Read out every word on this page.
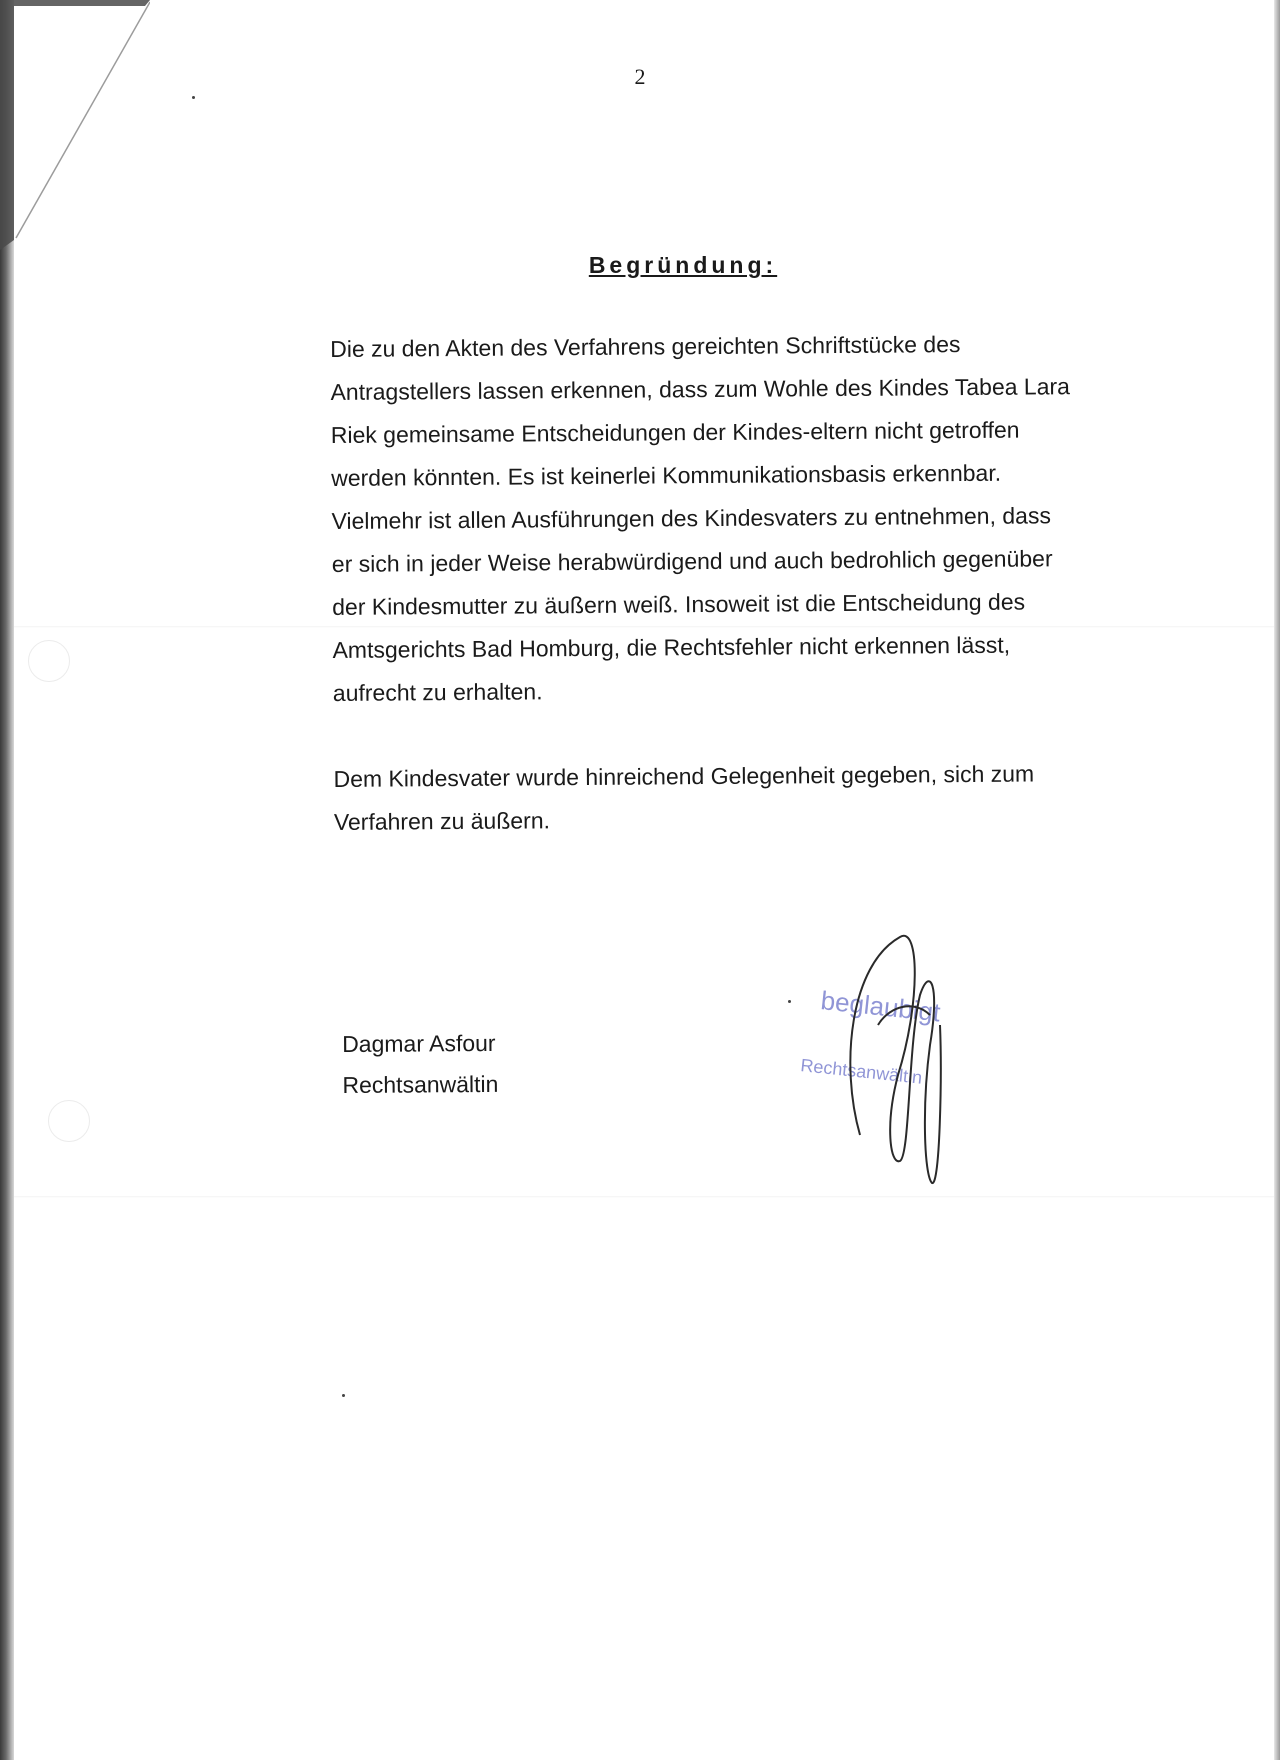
2
Begründung:

Die zu den Akten des Verfahrens gereichten Schriftstücke des Antragstellers lassen erkennen, dass zum Wohle des Kindes Tabea Lara Riek gemeinsame Entscheidungen der Kindes-eltern nicht getroffen werden könnten. Es ist keinerlei Kommunikationsbasis erkennbar. Vielmehr ist allen Ausführungen des Kindesvaters zu entnehmen, dass er sich in jeder Weise herabwürdigend und auch bedrohlich gegenüber der Kindesmutter zu äußern weiß. Insoweit ist die Entscheidung des Amtsgerichts Bad Homburg, die Rechtsfehler nicht erkennen lässt, aufrecht zu erhalten.

Dem Kindesvater wurde hinreichend Gelegenheit gegeben, sich zum Verfahren zu äußern.

Dagmar Asfour
Rechtsanwältin
beglaubigt
Rechtsanwältin
